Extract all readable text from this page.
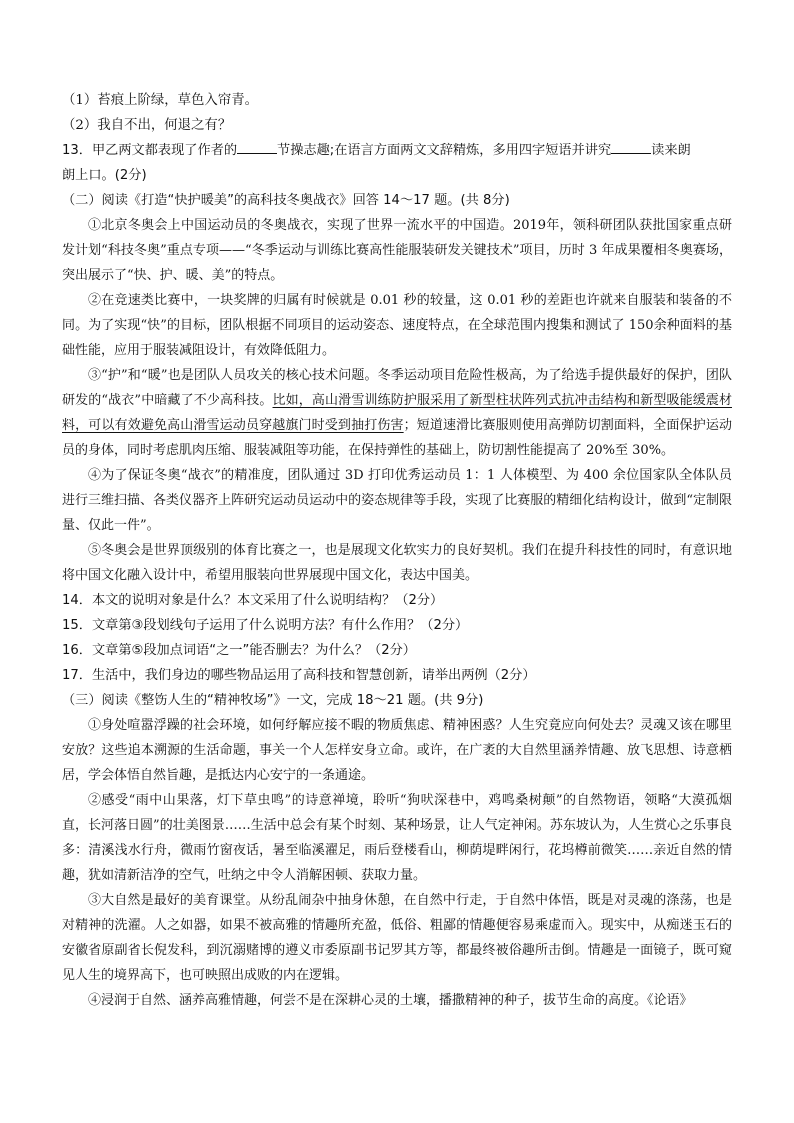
（1）苔痕上阶绿，草色入帘青。
（2）我自不出，何退之有？
13．甲乙两文都表现了作者的	节操志趣;在语言方面两文文辞精炼，多用四字短语并讲究	读来朗
朗上口。(2分)
（二）阅读《打造“快护暖美”的高科技冬奥战衣》回答 14～17 题。(共 8分)

①北京冬奥会上中国运动员的冬奥战衣，实现了世界一流水平的中国造。2019年，领科研团队获批国家重点研发计划“科技冬奥”重点专项——“冬季运动与训练比赛高性能服装研发关键技术”项目，历时 3 年成果覆相冬奥赛场，突出展示了“快、护、暖、美”的特点。

②在竞速类比赛中，一块奖牌的归属有时候就是 0.01 秒的较量，这 0.01 秒的差距也许就来自服装和装备的不同。为了实现“快”的目标，团队根据不同项目的运动姿态、速度特点，在全球范围内搜集和测试了 150余种面料的基础性能，应用于服装减阻设计，有效降低阻力。

③“护”和“暖”也是团队人员攻关的核心技术问题。冬季运动项目危险性极高，为了给选手提供最好的保护，团队研发的“战衣”中暗藏了不少高科技。比如，高山滑雪训练防护服采用了新型柱状阵列式抗冲击结构和新型吸能缓震材料，可以有效避免高山滑雪运动员穿越旗门时受到抽打伤害；短道速滑比赛服则使用高弹防切割面料，全面保护运动员的身体，同时考虑肌肉压缩、服装减阻等功能，在保持弹性的基础上，防切割性能提高了 20%至 30%。

④为了保证冬奥“战衣”的精准度，团队通过 3D 打印优秀运动员 1：1 人体模型、为 400 余位国家队全体队员进行三维扫描、各类仪器齐上阵研究运动员运动中的姿态规律等手段，实现了比赛服的精细化结构设计，做到“定制限量、仅此一件”。

⑤冬奥会是世界顶级别的体育比赛之一，也是展现文化软实力的良好契机。我们在提升科技性的同时，有意识地将中国文化融入设计中，希望用服装向世界展现中国文化，表达中国美。

14．本文的说明对象是什么？本文采用了什么说明结构？（2分）
15．文章第③段划线句子运用了什么说明方法？有什么作用？（2分）
16．文章第⑤段加点词语“之一”能否删去？为什么？（2分）
17．生活中，我们身边的哪些物品运用了高科技和智慧创新，请举出两例（2分）
（三）阅读《整饬人生的“精神牧场”》一文，完成 18～21 题。(共 9分)

①身处喧嚣浮躁的社会环境，如何纾解应接不暇的物质焦虑、精神困惑？人生究竟应向何处去？灵魂又该在哪里安放？这些追本溯源的生活命题，事关一个人怎样安身立命。或许，在广袤的大自然里涵养情趣、放飞思想、诗意栖居，学会体悟自然旨趣，是抵达内心安宁的一条通途。

②感受“雨中山果落，灯下草虫鸣”的诗意禅境，聆听“狗吠深巷中，鸡鸣桑树颠”的自然物语，领略“大漠孤烟直，长河落日圆”的壮美图景……生活中总会有某个时刻、某种场景，让人气定神闲。苏东坡认为，人生赏心之乐事良多：清溪浅水行舟，微雨竹窗夜话，暑至临溪濯足，雨后登楼看山，柳荫堤畔闲行，花坞樽前微笑……亲近自然的情趣，犹如清新洁净的空气，吐纳之中令人消解困顿、获取力量。

③大自然是最好的美育课堂。从纷乱闹杂中抽身休憩，在自然中行走，于自然中体悟，既是对灵魂的涤荡，也是对精神的洗濯。人之如器，如果不被高雅的情趣所充盈，低俗、粗鄙的情趣便容易乘虚而入。现实中，从痴迷玉石的安徽省原副省长倪发科，到沉溺赌博的遵义市委原副书记罗其方等，都最终被俗趣所击倒。情趣是一面镜子，既可窥见人生的境界高下，也可映照出成败的内在逻辑。

④浸润于自然、涵养高雅情趣，何尝不是在深耕心灵的土壤，播撒精神的种子，拔节生命的高度。《论语》
